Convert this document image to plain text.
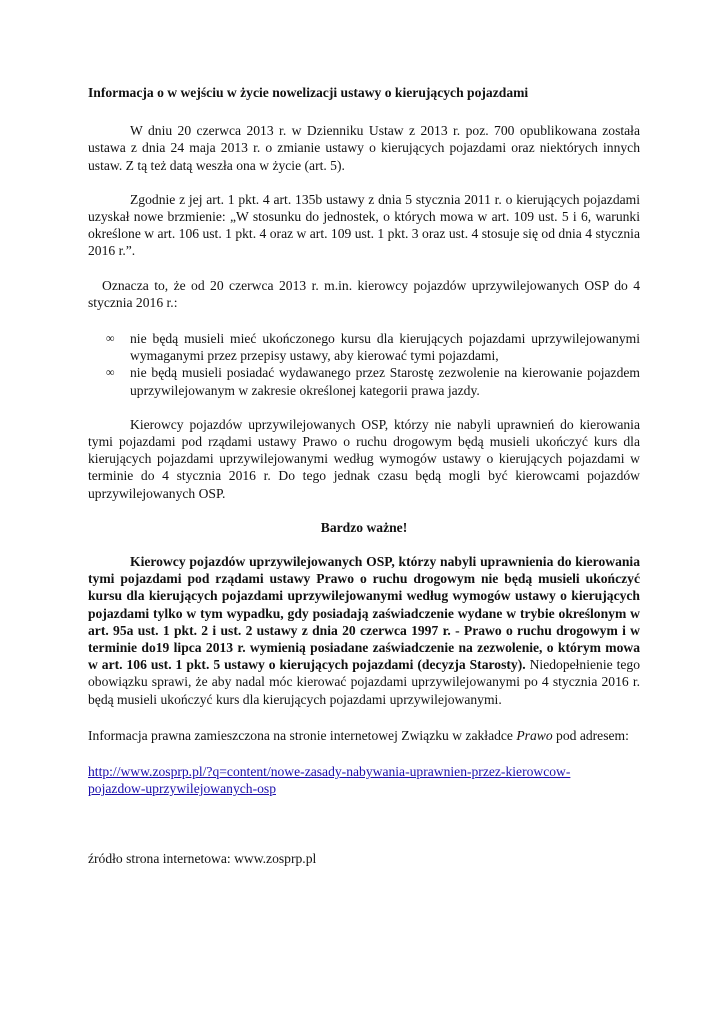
Informacja o w wejściu w życie nowelizacji ustawy o kierujących pojazdami

W dniu 20 czerwca 2013 r. w Dzienniku Ustaw z 2013 r. poz. 700 opublikowana została ustawa z dnia 24 maja 2013 r. o zmianie ustawy o kierujących pojazdami oraz niektórych innych ustaw. Z tą też datą weszła ona w życie (art. 5).

Zgodnie z jej art. 1 pkt. 4 art. 135b ustawy z dnia 5 stycznia 2011 r. o kierujących pojazdami uzyskał nowe brzmienie: „W stosunku do jednostek, o których mowa w art. 109 ust. 5 i 6, warunki określone w art. 106 ust. 1 pkt. 4 oraz w art. 109 ust. 1 pkt. 3 oraz ust. 4 stosuje się od dnia 4 stycznia 2016 r.”.

Oznacza to, że od 20 czerwca 2013 r. m.in. kierowcy pojazdów uprzywilejowanych OSP do 4 stycznia 2016 r.:

∞ nie będą musieli mieć ukończonego kursu dla kierujących pojazdami uprzywilejowanymi wymaganymi przez przepisy ustawy, aby kierować tymi pojazdami,
∞ nie będą musieli posiadać wydawanego przez Starostę zezwolenie na kierowanie pojazdem uprzywilejowanym w zakresie określonej kategorii prawa jazdy.

Kierowcy pojazdów uprzywilejowanych OSP, którzy nie nabyli uprawnień do kierowania tymi pojazdami pod rządami ustawy Prawo o ruchu drogowym będą musieli ukończyć kurs dla kierujących pojazdami uprzywilejowanymi według wymogów ustawy o kierujących pojazdami w terminie do 4 stycznia 2016 r. Do tego jednak czasu będą mogli być kierowcami pojazdów uprzywilejowanych OSP.

Bardzo ważne!

Kierowcy pojazdów uprzywilejowanych OSP, którzy nabyli uprawnienia do kierowania tymi pojazdami pod rządami ustawy Prawo o ruchu drogowym nie będą musieli ukończyć kursu dla kierujących pojazdami uprzywilejowanymi według wymogów ustawy o kierujących pojazdami tylko w tym wypadku, gdy posiadają zaświadczenie wydane w trybie określonym w art. 95a ust. 1 pkt. 2 i ust. 2 ustawy z dnia 20 czerwca 1997 r. - Prawo o ruchu drogowym i w terminie do19 lipca 2013 r. wymienią posiadane zaświadczenie na zezwolenie, o którym mowa w art. 106 ust. 1 pkt. 5 ustawy o kierujących pojazdami (decyzja Starosty). Niedopełnienie tego obowiązku sprawi, że aby nadal móc kierować pojazdami uprzywilejowanymi po 4 stycznia 2016 r. będą musieli ukończyć kurs dla kierujących pojazdami uprzywilejowanymi.

Informacja prawna zamieszczona na stronie internetowej Związku w zakładce Prawo pod adresem:

http://www.zosprp.pl/?q=content/nowe-zasady-nabywania-uprawnien-przez-kierowcow-
pojazdow-uprzywilejowanych-osp

źródło strona internetowa: www.zosprp.pl
